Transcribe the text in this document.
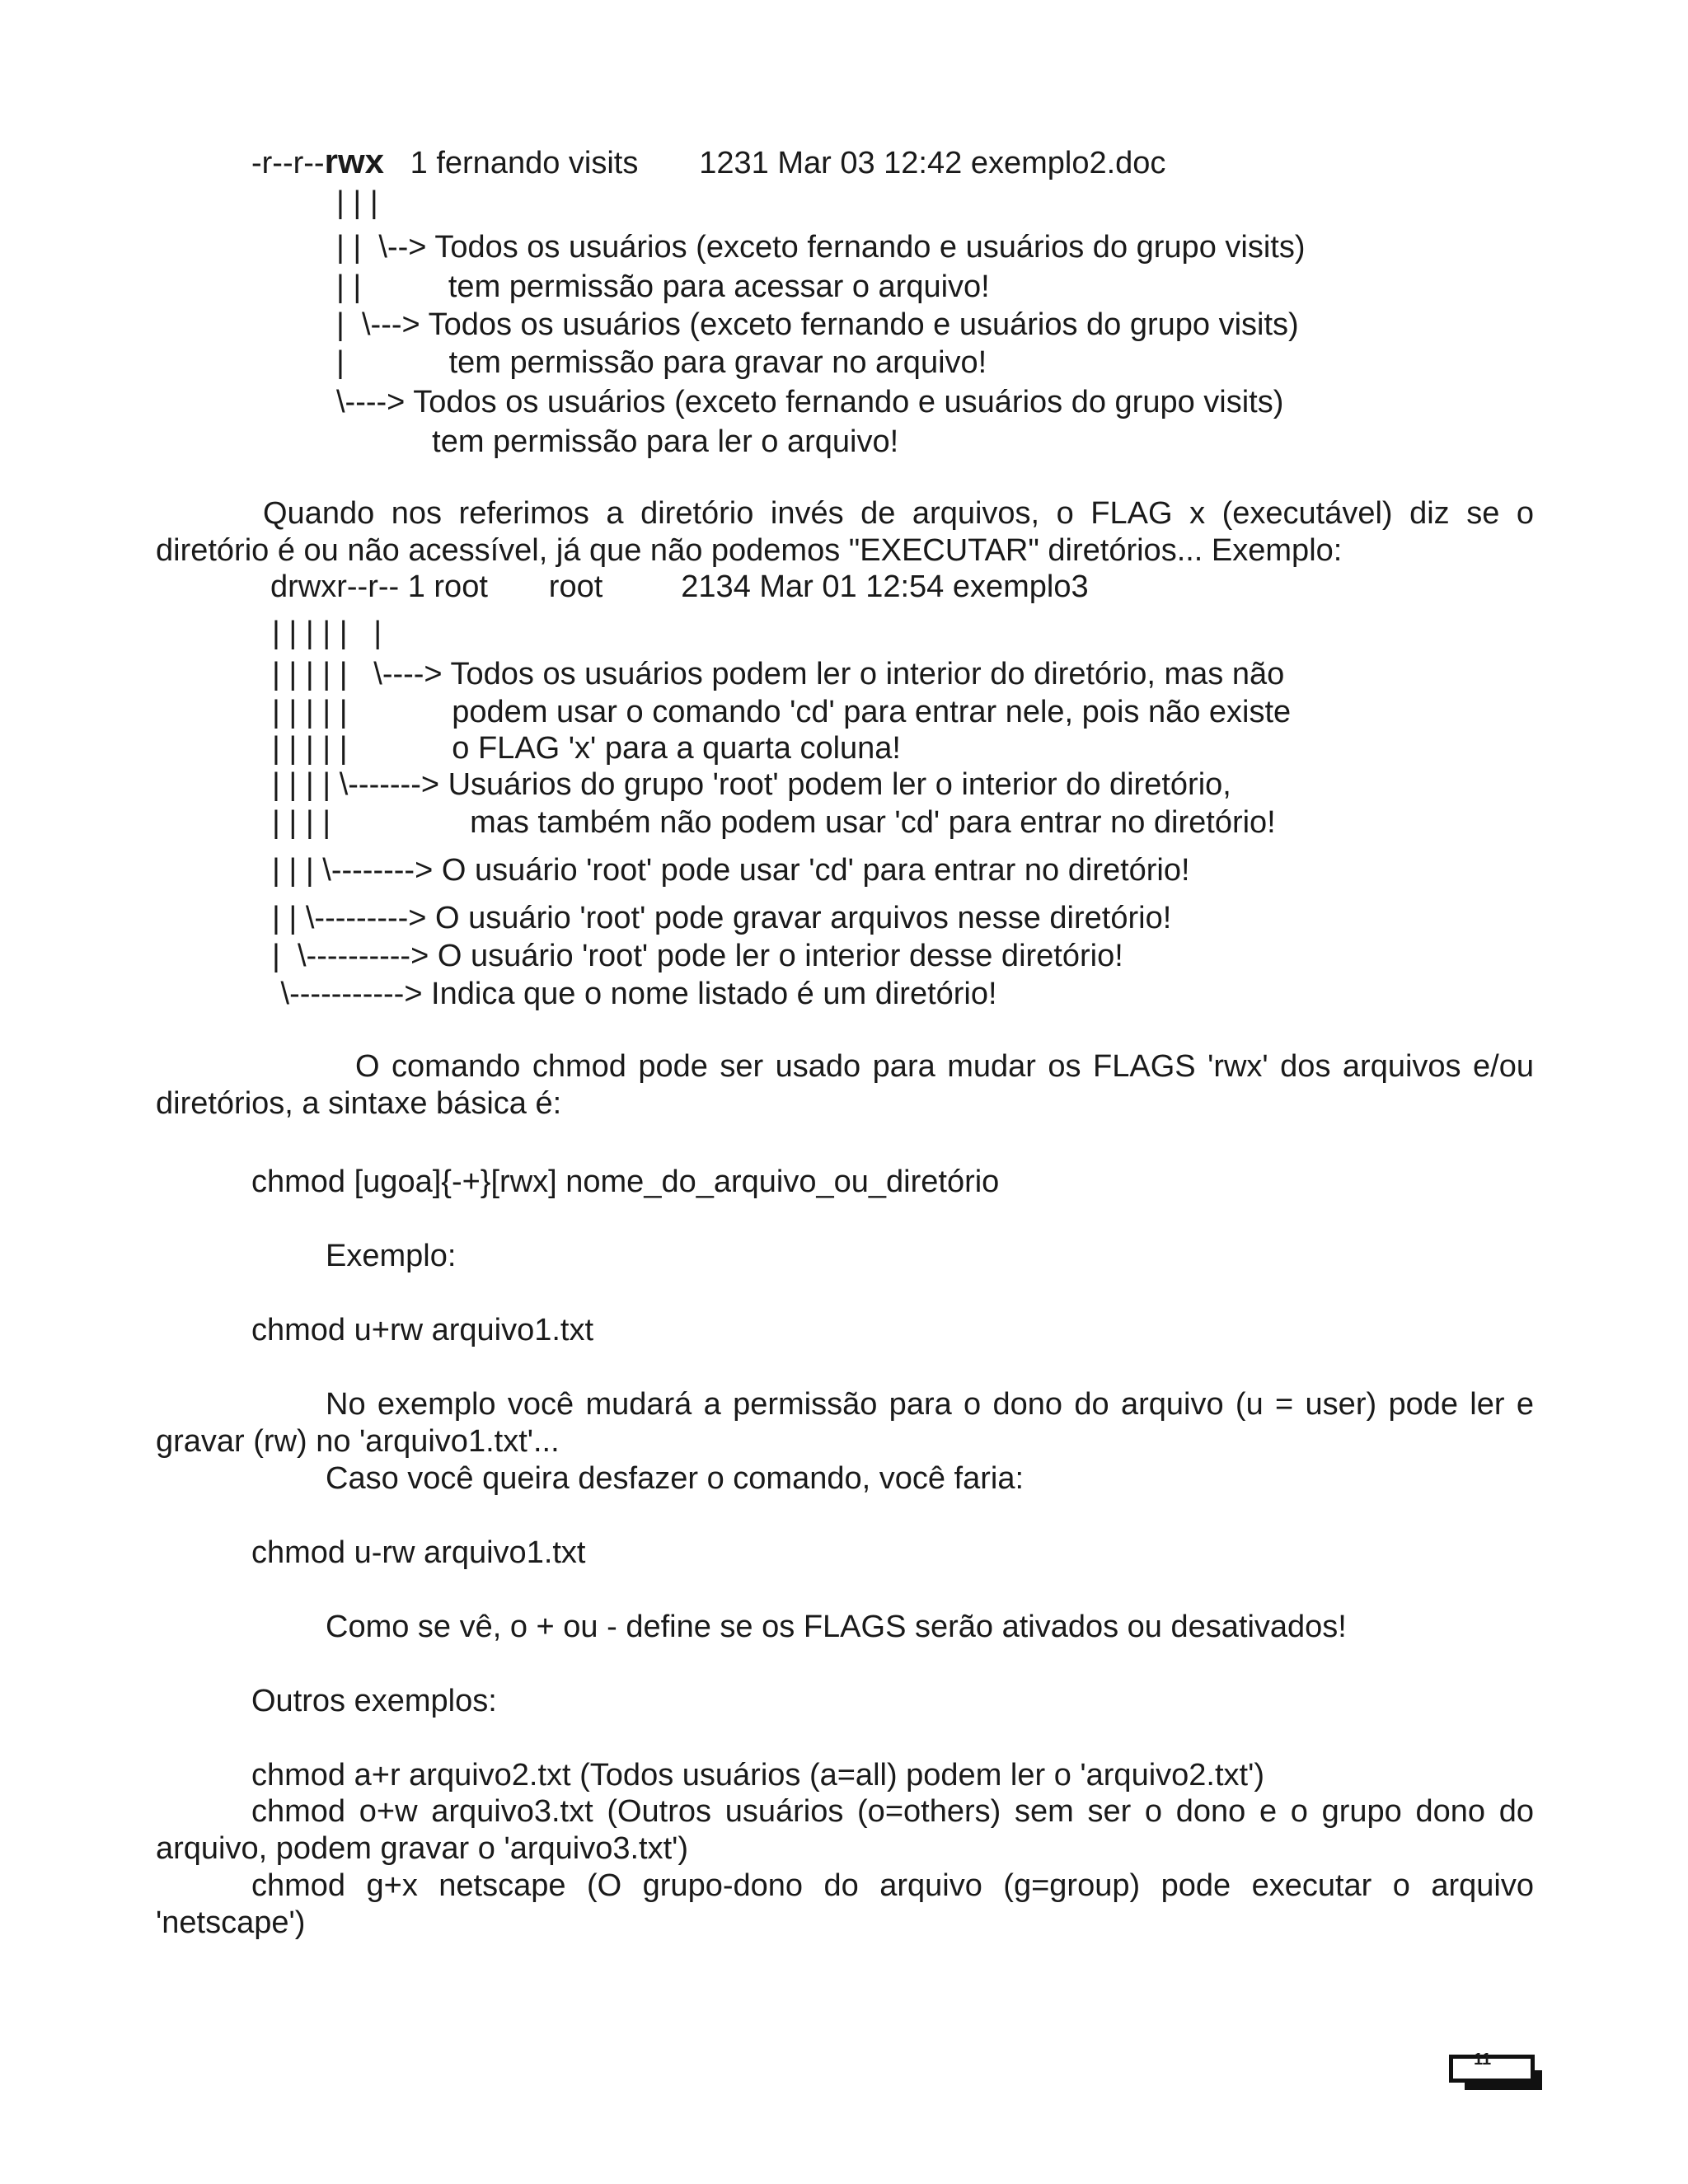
-r--r--rwx   1 fernando visits       1231 Mar 03 12:42 exemplo2.doc
| | |
| |  \--> Todos os usuários (exceto fernando e usuários do grupo visits)
| |          tem permissão para acessar o arquivo!
|  \---> Todos os usuários (exceto fernando e usuários do grupo visits)
|            tem permissão para gravar no arquivo!
\----> Todos os usuários (exceto fernando e usuários do grupo visits)
tem permissão para ler o arquivo!
Quando nos referimos a diretório invés de arquivos, o FLAG x (executável) diz se o diretório é ou não acessível, já que não podemos "EXECUTAR" diretórios... Exemplo:
drwxr--r-- 1 root       root         2134 Mar 01 12:54 exemplo3
| | | | |   |
| | | | |   \----> Todos os usuários podem ler o interior do diretório, mas não
| | | | |            podem usar o comando 'cd' para entrar nele, pois não existe
| | | | |            o FLAG 'x' para a quarta coluna!
| | | | \-------> Usuários do grupo 'root' podem ler o interior do diretório,
| | | |                mas também não podem usar 'cd' para entrar no diretório!
| | | \--------> O usuário 'root' pode usar 'cd' para entrar no diretório!
| | \---------> O usuário 'root' pode gravar arquivos nesse diretório!
|  \----------> O usuário 'root' pode ler o interior desse diretório!
\-----------> Indica que o nome listado é um diretório!
O comando chmod pode ser usado para mudar os FLAGS 'rwx' dos arquivos e/ou diretórios, a sintaxe básica é:
chmod [ugoa]{-+}[rwx] nome_do_arquivo_ou_diretório
Exemplo:
chmod u+rw arquivo1.txt
No exemplo você mudará a permissão para o dono do arquivo (u = user) pode ler e gravar (rw) no 'arquivo1.txt'...
Caso você queira desfazer o comando, você faria:
chmod u-rw arquivo1.txt
Como se vê, o + ou - define se os FLAGS serão ativados ou desativados!
Outros exemplos:
chmod a+r arquivo2.txt (Todos usuários (a=all) podem ler o 'arquivo2.txt')
chmod o+w arquivo3.txt (Outros usuários (o=others) sem ser o dono e o grupo dono do arquivo, podem gravar o 'arquivo3.txt')
chmod g+x netscape (O grupo-dono do arquivo (g=group) pode executar o arquivo 'netscape')
11
